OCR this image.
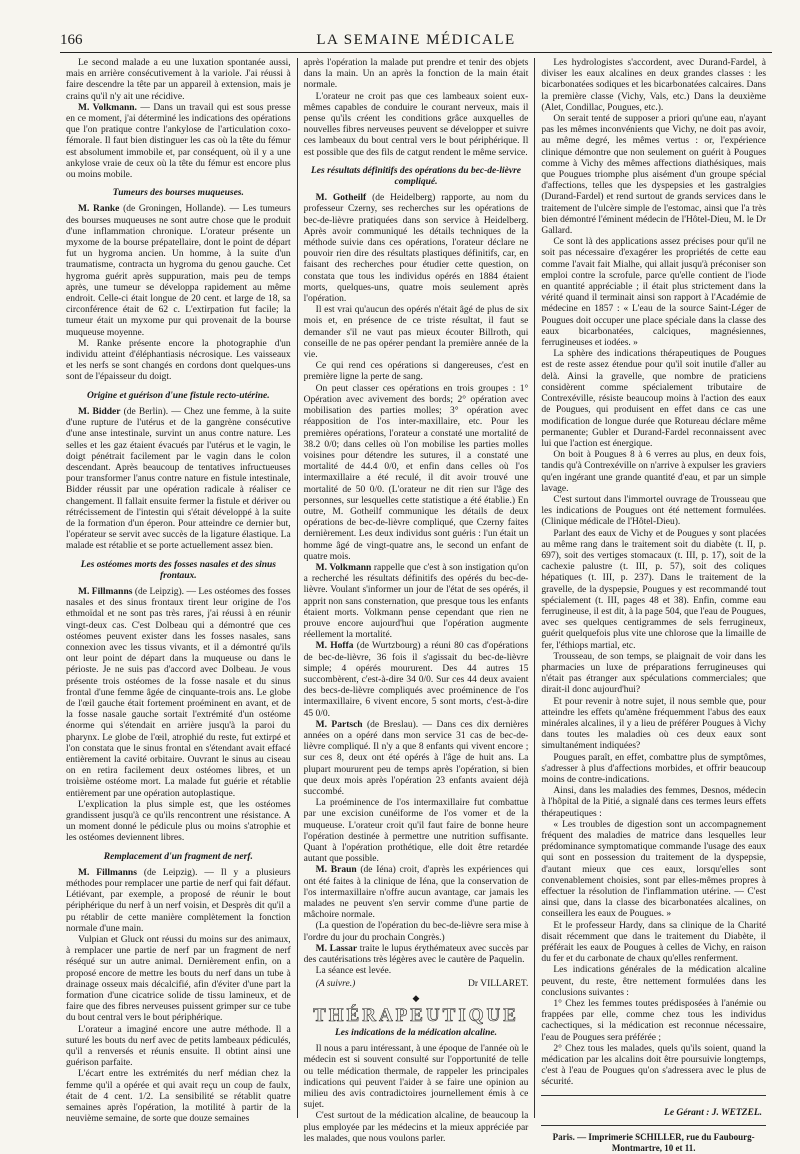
166	LA SEMAINE MÉDICALE

Le second malade a eu une luxation spontanée aussi, mais en arrière consécutivement à la variole. J'ai réussi à faire descendre la tête par un appareil à extension, mais je crains qu'il n'y ait une récidive.

M. Volkmann. — Dans un travail qui est sous presse en ce moment, j'ai déterminé les indications des opérations que l'on pratique contre l'ankylose de l'articulation coxo-fémorale. Il faut bien distinguer les cas où la tête du fémur est absolument immobile et, par conséquent, où il y a une ankylose vraie de ceux où la tête du fémur est encore plus ou moins mobile.

Tumeurs des bourses muqueuses.

M. Ranke (de Groningen, Hollande). — Les tumeurs des bourses muqueuses ne sont autre chose que le produit d'une inflammation chronique. L'orateur présente un myxome de la bourse prépatellaire, dont le point de départ fut un hygroma ancien. Un homme, à la suite d'un traumatisme, contracta un hygroma du genou gauche. Cet hygroma guérit après suppuration, mais peu de temps après, une tumeur se développa rapidement au même endroit. Celle-ci était longue de 20 cent. et large de 18, sa circonférence était de 62 c. L'extirpation fut facile; la tumeur était un myxome pur qui provenait de la bourse muqueuse moyenne.

M. Ranke présente encore la photographie d'un individu atteint d'éléphantiasis nécrosique. Les vaisseaux et les nerfs se sont changés en cordons dont quelques-uns sont de l'épaisseur du doigt.

Origine et guérison d'une fistule recto-utérine.

M. Bidder (de Berlin). — Chez une femme, à la suite d'une rupture de l'utérus et de la gangrène consécutive d'une anse intestinale, survint un anus contre nature. Les selles et les gaz étaient évacués par l'utérus et le vagin, le doigt pénétrait facilement par le vagin dans le colon descendant. Après beaucoup de tentatives infructueuses pour transformer l'anus contre nature en fistule intestinale, Bidder réussit par une opération radicale à réaliser ce changement. Il fallait ensuite fermer la fistule et dériver ou rétrécissement de l'intestin qui s'était développé à la suite de la formation d'un éperon. Pour atteindre ce dernier but, l'opérateur se servit avec succès de la ligature élastique. La malade est rétablie et se porte actuellement assez bien.

Les ostéomes morts des fosses nasales et des sinus frontaux.

M. Fillmanns (de Leipzig). — Les ostéomes des fosses nasales et des sinus frontaux tirent leur origine de l'os ethmoïdal et ne sont pas très rares, j'ai réussi à en réunir vingt-deux cas. C'est Dolbeau qui a démontré que ces ostéomes peuvent exister dans les fosses nasales, sans connexion avec les tissus vivants, et il a démontré qu'ils ont leur point de départ dans la muqueuse ou dans le périoste. Je ne suis pas d'accord avec Dolbeau. Je vous présente trois ostéomes de la fosse nasale et du sinus frontal d'une femme âgée de cinquante-trois ans. Le globe de l'œil gauche était fortement proéminent en avant, et de la fosse nasale gauche sortait l'extrémité d'un ostéome énorme qui s'étendait en arrière jusqu'à la paroi du pharynx. Le globe de l'œil, atrophié du reste, fut extirpé et l'on constata que le sinus frontal en s'étendant avait effacé entièrement la cavité orbitaire. Ouvrant le sinus au ciseau on en retira facilement deux ostéomes libres, et un troisième ostéome mort. La malade fut guérie et rétablie entièrement par une opération autoplastique.

L'explication la plus simple est, que les ostéomes grandissent jusqu'à ce qu'ils rencontrent une résistance. A un moment donné le pédicule plus ou moins s'atrophie et les ostéomes deviennent libres.

Remplacement d'un fragment de nerf.

M. Fillmanns (de Leipzig). — Il y a plusieurs méthodes pour remplacer une partie de nerf qui fait défaut. Létiévant, par exemple, a proposé de réunir le bout périphérique du nerf à un nerf voisin, et Desprès dit qu'il a pu rétablir de cette manière complètement la fonction normale d'une main.

Vulpian et Gluck ont réussi du moins sur des animaux, à remplacer une partie de nerf par un fragment de nerf réséqué sur un autre animal. Dernièrement enfin, on a proposé encore de mettre les bouts du nerf dans un tube à drainage osseux mais décalcifié, afin d'éviter d'une part la formation d'une cicatrice solide de tissu lamineux, et de faire que des fibres nerveuses puissent grimper sur ce tube du bout central vers le bout périphérique.

L'orateur a imaginé encore une autre méthode. Il a suturé les bouts du nerf avec de petits lambeaux pédiculés, qu'il a renversés et réunis ensuite. Il obtint ainsi une guérison parfaite.

L'écart entre les extrémités du nerf médian chez la femme qu'il a opérée et qui avait reçu un coup de faulx, était de 4 cent. 1/2. La sensibilité se rétablit quatre semaines après l'opération, la motilité à partir de la neuvième semaine, de sorte que douze semaines

après l'opération la malade put prendre et tenir des objets dans la main. Un an après la fonction de la main était normale.

L'orateur ne croit pas que ces lambeaux soient eux-mêmes capables de conduire le courant nerveux, mais il pense qu'ils créent les conditions grâce auxquelles de nouvelles fibres nerveuses peuvent se développer et suivre ces lambeaux du bout central vers le bout périphérique. Il est possible que des fils de catgut rendent le même service.

Les résultats définitifs des opérations du bec-de-lièvre compliqué.

M. Gotheilf (de Heidelberg) rapporte, au nom du professeur Czerny, ses recherches sur les opérations de bec-de-lièvre pratiquées dans son service à Heidelberg. Après avoir communiqué les détails techniques de la méthode suivie dans ces opérations, l'orateur déclare ne pouvoir rien dire des résultats plastiques définitifs, car, en faisant des recherches pour étudier cette question, on constata que tous les individus opérés en 1884 étaient morts, quelques-uns, quatre mois seulement après l'opération.

Il est vrai qu'aucun des opérés n'était âgé de plus de six mois et, en présence de ce triste résultat, il faut se demander s'il ne vaut pas mieux écouter Billroth, qui conseille de ne pas opérer pendant la première année de la vie.

Ce qui rend ces opérations si dangereuses, c'est en première ligne la perte de sang.

On peut classer ces opérations en trois groupes : 1° Opération avec avivement des bords; 2° opération avec mobilisation des parties molles; 3° opération avec réapposition de l'os inter-maxillaire, etc. Pour les premières opérations, l'orateur a constaté une mortalité de 38.2 0/0; dans celles où l'on mobilise les parties molles voisines pour détendre les sutures, il a constaté une mortalité de 44.4 0/0, et enfin dans celles où l'os intermaxillaire a été reculé, il dit avoir trouvé une mortalité de 50 0/0. (L'orateur ne dit rien sur l'âge des personnes, sur lesquelles cette statistique a été établie.) En outre, M. Gotheilf communique les détails de deux opérations de bec-de-lièvre compliqué, que Czerny faites dernièrement. Les deux individus sont guéris : l'un était un homme âgé de vingt-quatre ans, le second un enfant de quatre mois.

M. Volkmann rappelle que c'est à son instigation qu'on a recherché les résultats définitifs des opérés du bec-de-lièvre. Voulant s'informer un jour de l'état de ses opérés, il apprit non sans consternation, que presque tous les enfants étaient morts. Volkmann pense cependant que rien ne prouve encore aujourd'hui que l'opération augmente réellement la mortalité.

M. Hoffa (de Wurtzbourg) a réuni 80 cas d'opérations de bec-de-lièvre, 36 fois il s'agissait du bec-de-lièvre simple; 4 opérés moururent. Des 44 autres 15 succombèrent, c'est-à-dire 34 0/0. Sur ces 44 deux avaient des becs-de-lièvre compliqués avec proéminence de l'os intermaxillaire, 6 vivent encore, 5 sont morts, c'est-à-dire 45 0/0.

M. Partsch (de Breslau). — Dans ces dix dernières années on a opéré dans mon service 31 cas de bec-de-lièvre compliqué. Il n'y a que 8 enfants qui vivent encore ; sur ces 8, deux ont été opérés à l'âge de huit ans. La plupart moururent peu de temps après l'opération, si bien que deux mois après l'opération 23 enfants avaient déjà succombé.

La proéminence de l'os intermaxillaire fut combattue par une excision cunéiforme de l'os vomer et de la muqueuse. L'orateur croit qu'il faut faire de bonne heure l'opération destinée à permettre une nutrition suffisante. Quant à l'opération prothétique, elle doit être retardée autant que possible.

M. Braun (de Iéna) croit, d'après les expériences qui ont été faites à la clinique de Iéna, que la conservation de l'os intermaxillaire n'offre aucun avantage, car jamais les malades ne peuvent s'en servir comme d'une partie de mâchoire normale.

(La question de l'opération du bec-de-lièvre sera mise à l'ordre du jour du prochain Congrès.)

M. Lassar traite le lupus érythémateux avec succès par des cautérisations très légères avec le cautère de Paquelin.

La séance est levée.

(A suivre.)	Dr VILLARET.
◆
THÉRAPEUTIQUE
Les indications de la médication alcaline.

Il nous a paru intéressant, à une époque de l'année où le médecin est si souvent consulté sur l'opportunité de telle ou telle médication thermale, de rappeler les principales indications qui peuvent l'aider à se faire une opinion au milieu des avis contradictoires journellement émis à ce sujet.

C'est surtout de la médication alcaline, de beaucoup la plus employée par les médecins et la mieux appréciée par les malades, que nous voulons parler.

Les hydrologistes s'accordent, avec Durand-Fardel, à diviser les eaux alcalines en deux grandes classes : les bicarbonatées sodiques et les bicarbonatées calcaires. Dans la première classe (Vichy, Vals, etc.) Dans la deuxième (Alet, Condillac, Pougues, etc.).

On serait tenté de supposer a priori qu'une eau, n'ayant pas les mêmes inconvénients que Vichy, ne doit pas avoir, au même degré, les mêmes vertus : or, l'expérience clinique démontre que non seulement on guérit à Pougues comme à Vichy des mêmes affections diathésiques, mais que Pougues triomphe plus aisément d'un groupe spécial d'affections, telles que les dyspepsies et les gastralgies (Durand-Fardel) et rend surtout de grands services dans le traitement de l'ulcère simple de l'estomac, ainsi que l'a très bien démontré l'éminent médecin de l'Hôtel-Dieu, M. le Dr Gallard.

Ce sont là des applications assez précises pour qu'il ne soit pas nécessaire d'exagérer les propriétés de cette eau comme l'avait fait Mialhe, qui allait jusqu'à préconiser son emploi contre la scrofule, parce qu'elle contient de l'iode en quantité appréciable ; il était plus strictement dans la vérité quand il terminait ainsi son rapport à l'Académie de médecine en 1857 : « L'eau de la source Saint-Léger de Pougues doit occuper une place spéciale dans la classe des eaux bicarbonatées, calciques, magnésiennes, ferrugineuses et iodées. »

La sphère des indications thérapeutiques de Pougues est de reste assez étendue pour qu'il soit inutile d'aller au delà. Ainsi la gravelle, que nombre de praticiens considèrent comme spécialement tributaire de Contrexéville, résiste beaucoup moins à l'action des eaux de Pougues, qui produisent en effet dans ce cas une modification de longue durée que Rotureau déclare même permanente; Gubler et Durand-Fardel reconnaissent avec lui que l'action est énergique.

On boit à Pougues 8 à 6 verres au plus, en deux fois, tandis qu'à Contrexéville on n'arrive à expulser les graviers qu'en ingérant une grande quantité d'eau, et par un simple lavage.

C'est surtout dans l'immortel ouvrage de Trousseau que les indications de Pougues ont été nettement formulées. (Clinique médicale de l'Hôtel-Dieu).

Parlant des eaux de Vichy et de Pougues y sont placées au même rang dans le traitement soit du diabète (t. II, p. 697), soit des vertiges stomacaux (t. III, p. 17), soit de la cachexie palustre (t. III, p. 57), soit des coliques hépatiques (t. III, p. 237). Dans le traitement de la gravelle, de la dyspepsie, Pougues y est recommandé tout spécialement (t. III, pages 48 et 38). Enfin, comme eau ferrugineuse, il est dit, à la page 504, que l'eau de Pougues, avec ses quelques centigrammes de sels ferrugineux, guérit quelquefois plus vite une chlorose que la limaille de fer, l'éthiops martial, etc.

Trousseau, de son temps, se plaignait de voir dans les pharmacies un luxe de préparations ferrugineuses qui n'était pas étranger aux spéculations commerciales; que dirait-il donc aujourd'hui?

Et pour revenir à notre sujet, il nous semble que, pour atteindre les effets qu'amène fréquemment l'abus des eaux minérales alcalines, il y a lieu de préférer Pougues à Vichy dans toutes les maladies où ces deux eaux sont simultanément indiquées?

Pougues paraît, en effet, combattre plus de symptômes, s'adresser à plus d'affections morbides, et offrir beaucoup moins de contre-indications.

Ainsi, dans les maladies des femmes, Desnos, médecin à l'hôpital de la Pitié, a signalé dans ces termes leurs effets thérapeutiques :

« Les troubles de digestion sont un accompagnement fréquent des maladies de matrice dans lesquelles leur prédominance symptomatique commande l'usage des eaux qui sont en possession du traitement de la dyspepsie, d'autant mieux que ces eaux, lorsqu'elles sont convenablement choisies, sont par elles-mêmes propres à effectuer la résolution de l'inflammation utérine. — C'est ainsi que, dans la classe des bicarbonatées alcalines, on conseillera les eaux de Pougues. »

Et le professeur Hardy, dans sa clinique de la Charité disait récemment que dans le traitement du Diabète, il préférait les eaux de Pougues à celles de Vichy, en raison du fer et du carbonate de chaux qu'elles renferment.

Les indications générales de la médication alcaline peuvent, du reste, être nettement formulées dans les conclusions suivantes :

1° Chez les femmes toutes prédisposées à l'anémie ou frappées par elle, comme chez tous les individus cachectiques, si la médication est reconnue nécessaire, l'eau de Pougues sera préférée ;

2° Chez tous les malades, quels qu'ils soient, quand la médication par les alcalins doit être poursuivie longtemps, c'est à l'eau de Pougues qu'on s'adressera avec le plus de sécurité.

Le Gérant : J. WETZEL.
Paris. — Imprimerie SCHILLER, rue du Faubourg-
Montmartre, 10 et 11.
